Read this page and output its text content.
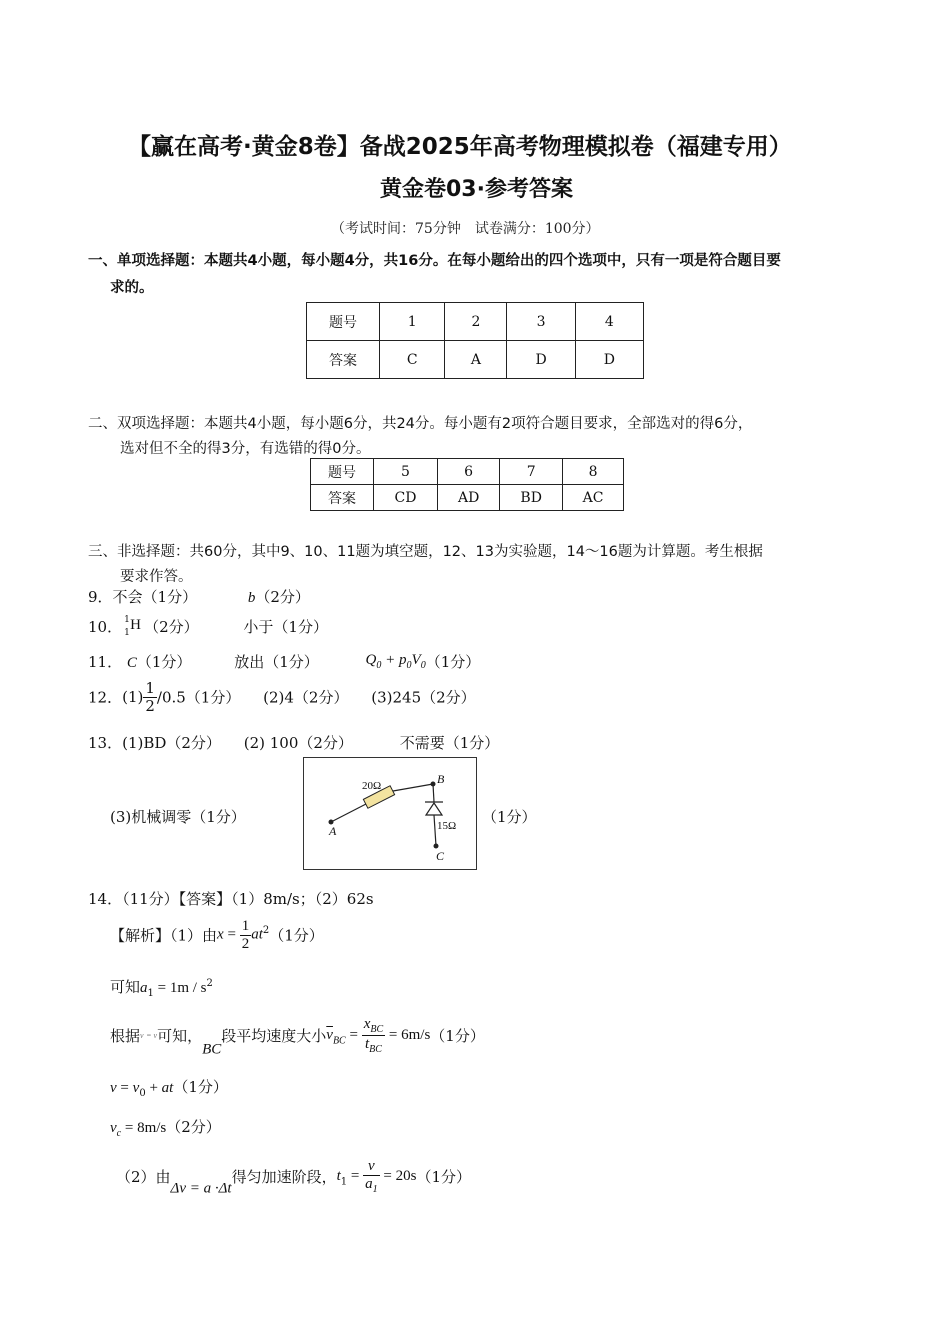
【赢在高考·黄金8卷】备战2025年高考物理模拟卷（福建专用）
黄金卷03·参考答案
（考试时间：75分钟　试卷满分：100分）
一、单项选择题：本题共4小题，每小题4分，共16分。在每小题给出的四个选项中，只有一项是符合题目要
求的。
题号	1	2	3	4
答案	C	A	D	D
二、双项选择题：本题共4小题，每小题6分，共24分。每小题有2项符合题目要求，全部选对的得6分，
选对但不全的得3分，有选错的得0分。
题号	5	6	7	8
答案	CD	AD	BD	AC
三、非选择题：共60分，其中9、10、11题为填空题，12、13为实验题，14～16题为计算题。考生根据
要求作答。
9．不会（1分）	b（2分）
10． 1
1 H （2分）	小于（1分）
11． C（1分）	放出（1分）	$Q_0 + p_0V_0(1$分）
12．$(1) \frac{1}{2} /0.5(1$分） (2)4（2分） (3)245（2分）
13．(1)BD（2分） (2) 100（2分）	不需要（1分）
(3)机械调零（1分）	（1分）
20Ω
15Ω
A
B
C
14．（11分）【答案】（1）8m/s；（2）62s
【解析】（1）由$x = \frac{1}{2} at^2(1$分）
可知$a_1 = 1m / s^2$
根据v = v可知，BC段平均速度大小$\overline{v}_{BC} = \frac{x_{BC}}{t_{BC}} = 6m/s(1$分）
$v = v_0 + at(1$分）
$v_c = 8m/s(2$分）
（2）由Δv = a ·Δt得匀加速阶段，$t_1 = \frac{v}{a_1} = 20s(1$分）
